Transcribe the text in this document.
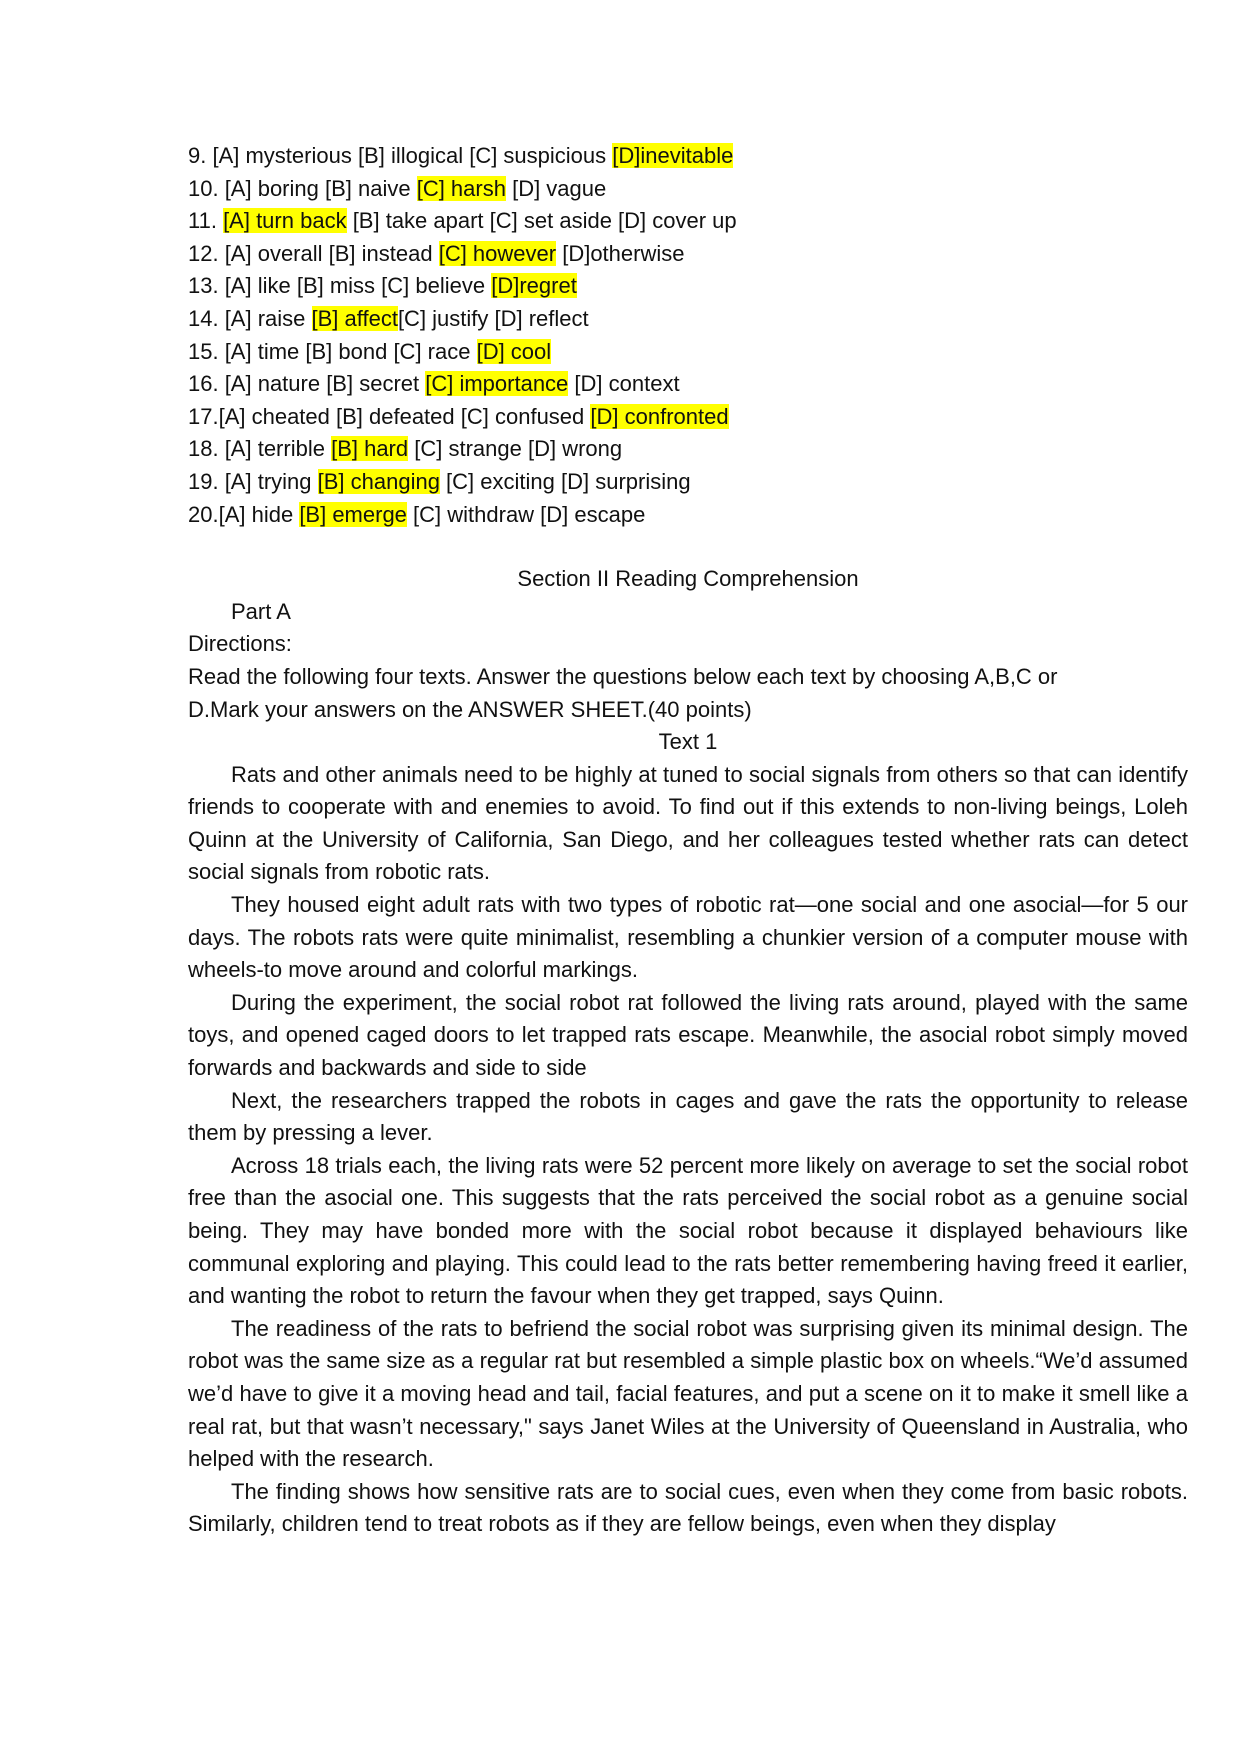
9. [A] mysterious [B] illogical [C] suspicious [D]inevitable
10. [A] boring [B] naive [C] harsh [D] vague
11. [A] turn back [B] take apart [C] set aside [D] cover up
12. [A] overall [B] instead [C] however [D]otherwise
13. [A] like [B] miss [C] believe [D]regret
14. [A] raise [B] affect[C] justify [D] reflect
15. [A] time [B] bond [C] race [D] cool
16. [A] nature [B] secret [C] importance [D] context
17.[A] cheated [B] defeated [C] confused [D] confronted
18. [A] terrible [B] hard [C] strange [D] wrong
19. [A] trying [B] changing [C] exciting [D] surprising
20.[A] hide [B] emerge [C] withdraw [D] escape
Section II Reading Comprehension
Part A
Directions:
Read the following four texts. Answer the questions below each text by choosing A,B,C or
D.Mark your answers on the ANSWER SHEET.(40 points)
Text 1

Rats and other animals need to be highly at tuned to social signals from others so that can identify friends to cooperate with and enemies to avoid. To find out if this extends to non-living beings, Loleh Quinn at the University of California, San Diego, and her colleagues tested whether rats can detect social signals from robotic rats.

They housed eight adult rats with two types of robotic rat—one social and one asocial—for 5 our days. The robots rats were quite minimalist, resembling a chunkier version of a computer mouse with wheels-to move around and colorful markings.

During the experiment, the social robot rat followed the living rats around, played with the same toys, and opened caged doors to let trapped rats escape. Meanwhile, the asocial robot simply moved forwards and backwards and side to side

Next, the researchers trapped the robots in cages and gave the rats the opportunity to release them by pressing a lever.

Across 18 trials each, the living rats were 52 percent more likely on average to set the social robot free than the asocial one. This suggests that the rats perceived the social robot as a genuine social being. They may have bonded more with the social robot because it displayed behaviours like communal exploring and playing. This could lead to the rats better remembering having freed it earlier, and wanting the robot to return the favour when they get trapped, says Quinn.

The readiness of the rats to befriend the social robot was surprising given its minimal design. The robot was the same size as a regular rat but resembled a simple plastic box on wheels.“We’d assumed we’d have to give it a moving head and tail, facial features, and put a scene on it to make it smell like a real rat, but that wasn’t necessary," says Janet Wiles at the University of Queensland in Australia, who helped with the research.

The finding shows how sensitive rats are to social cues, even when they come from basic robots. Similarly, children tend to treat robots as if they are fellow beings, even when they display
